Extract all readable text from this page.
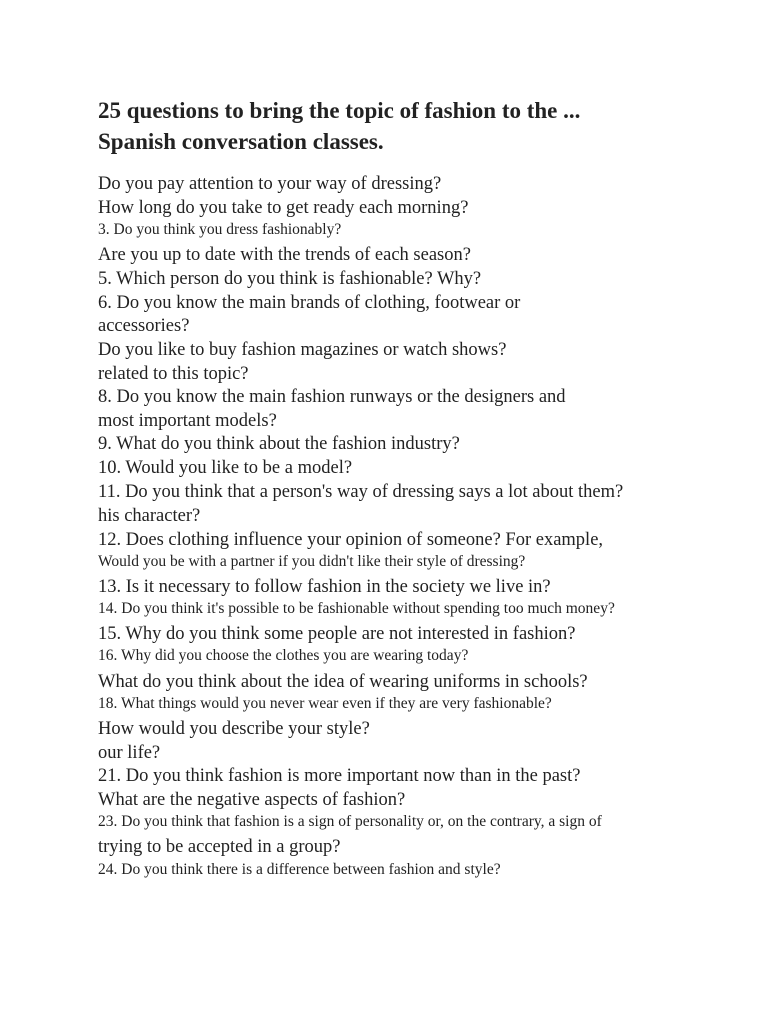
25 questions to bring the topic of fashion to the ...
Spanish conversation classes.
Do you pay attention to your way of dressing?
How long do you take to get ready each morning?
3. Do you think you dress fashionably?
Are you up to date with the trends of each season?
5. Which person do you think is fashionable? Why?
6. Do you know the main brands of clothing, footwear or
accessories?
Do you like to buy fashion magazines or watch shows?
related to this topic?
8. Do you know the main fashion runways or the designers and
most important models?
9. What do you think about the fashion industry?
10. Would you like to be a model?
11. Do you think that a person's way of dressing says a lot about them?
his character?
12. Does clothing influence your opinion of someone? For example,
Would you be with a partner if you didn't like their style of dressing?
13. Is it necessary to follow fashion in the society we live in?
14. Do you think it's possible to be fashionable without spending too much money?
15. Why do you think some people are not interested in fashion?
16. Why did you choose the clothes you are wearing today?
What do you think about the idea of wearing uniforms in schools?
18. What things would you never wear even if they are very fashionable?
How would you describe your style?
our life?
21. Do you think fashion is more important now than in the past?
What are the negative aspects of fashion?
23. Do you think that fashion is a sign of personality or, on the contrary, a sign of
trying to be accepted in a group?
24. Do you think there is a difference between fashion and style?
